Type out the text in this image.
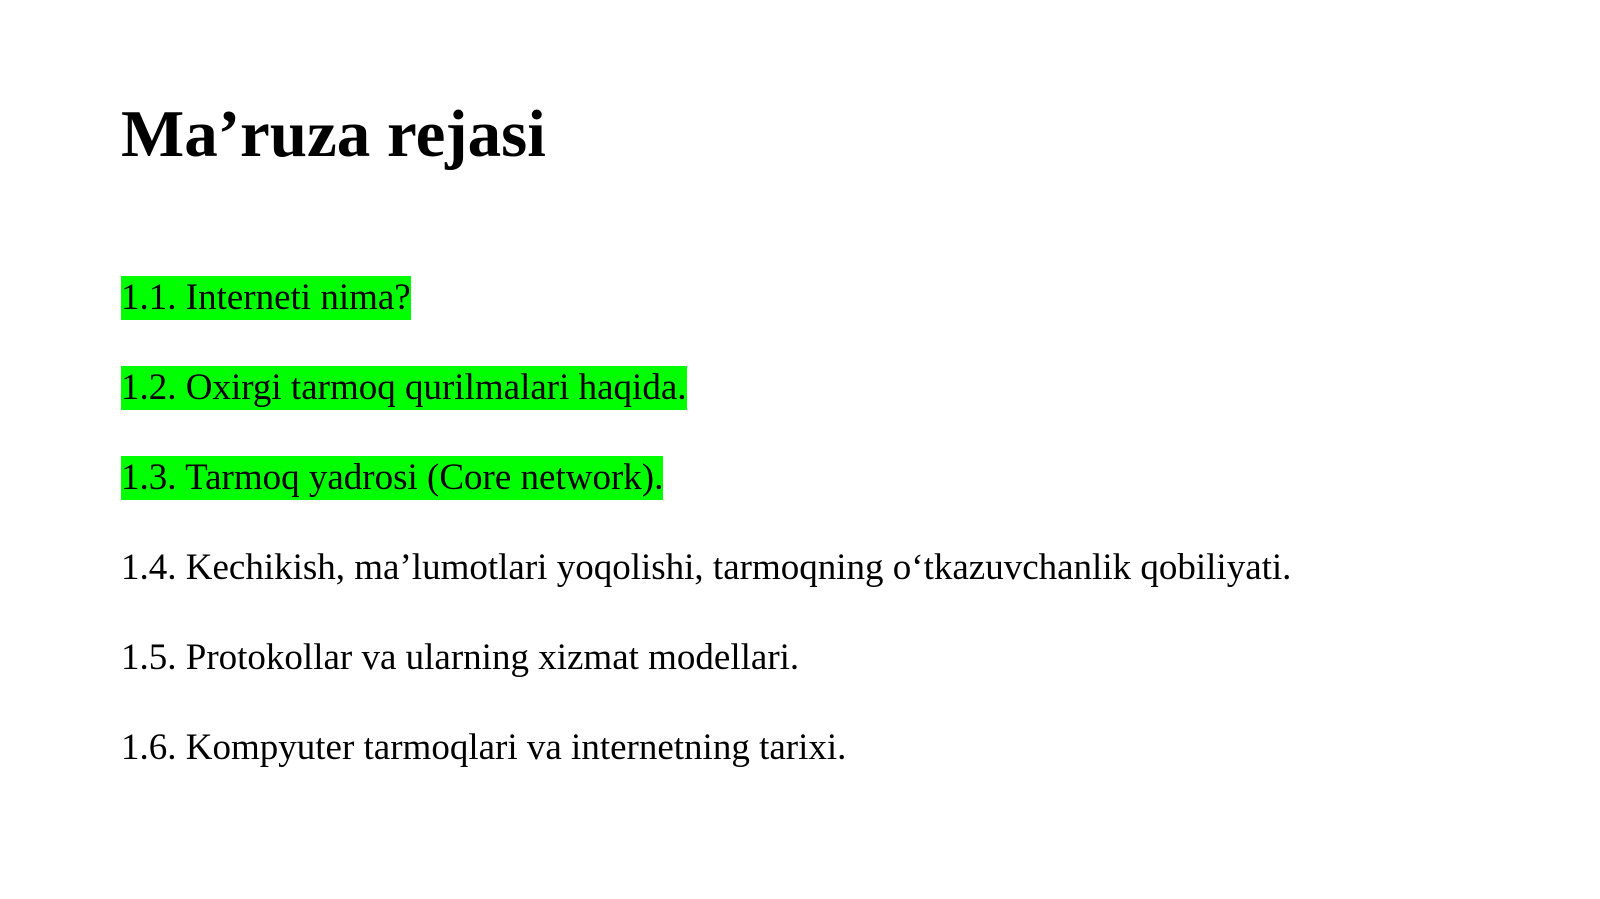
Ma’ruza rejasi
1.1. Interneti nima?
1.2. Oxirgi tarmoq qurilmalari haqida.
1.3. Tarmoq yadrosi (Core network).
1.4. Kechikish, ma’lumotlari yoqolishi, tarmoqning o‘tkazuvchanlik qobiliyati.
1.5. Protokollar va ularning xizmat modellari.
1.6. Kompyuter tarmoqlari va internetning tarixi.
